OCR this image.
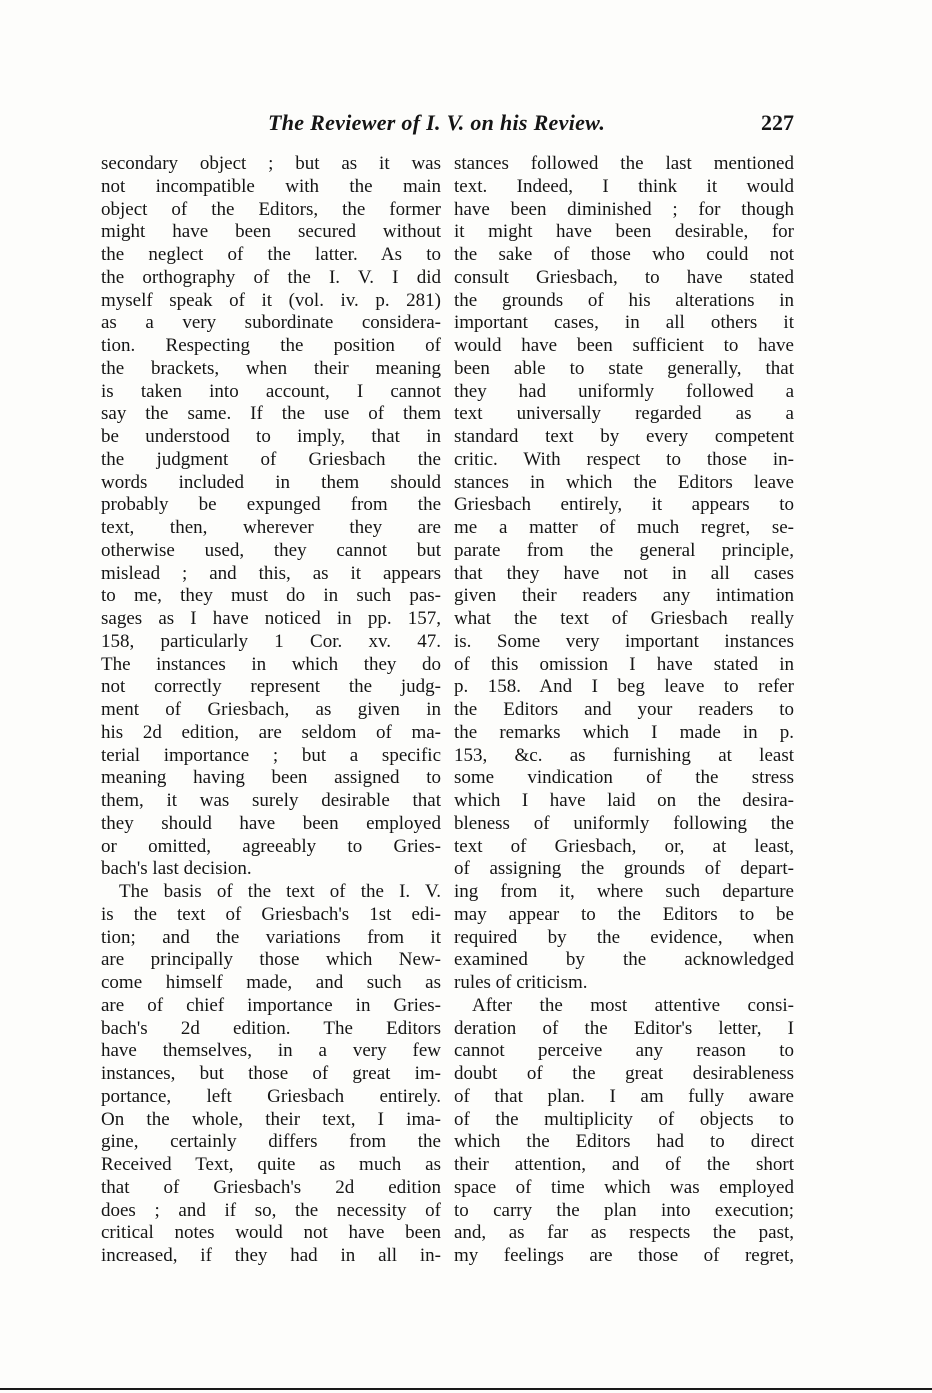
The Reviewer of I. V. on his Review.	227
secondary object ; but as it was
not incompatible with the main
object of the Editors, the former
might have been secured without
the neglect of the latter. As to
the orthography of the I. V. I did
myself speak of it (vol. iv. p. 281)
as a very subordinate considera-
tion. Respecting the position of
the brackets, when their meaning
is taken into account, I cannot
say the same. If the use of them
be understood to imply, that in
the judgment of Griesbach the
words included in them should
probably be expunged from the
text, then, wherever they are
otherwise used, they cannot but
mislead ; and this, as it appears
to me, they must do in such pas-
sages as I have noticed in pp. 157,
158, particularly 1 Cor. xv. 47.
The instances in which they do
not correctly represent the judg-
ment of Griesbach, as given in
his 2d edition, are seldom of ma-
terial importance ; but a specific
meaning having been assigned to
them, it was surely desirable that
they should have been employed
or omitted, agreeably to Gries-
bach's last decision.
The basis of the text of the I. V.
is the text of Griesbach's 1st edi-
tion; and the variations from it
are principally those which New-
come himself made, and such as
are of chief importance in Gries-
bach's 2d edition. The Editors
have themselves, in a very few
instances, but those of great im-
portance, left Griesbach entirely.
On the whole, their text, I ima-
gine, certainly differs from the
Received Text, quite as much as
that of Griesbach's 2d edition
does ; and if so, the necessity of
critical notes would not have been
increased, if they had in all in-
stances followed the last mentioned
text. Indeed, I think it would
have been diminished ; for though
it might have been desirable, for
the sake of those who could not
consult Griesbach, to have stated
the grounds of his alterations in
important cases, in all others it
would have been sufficient to have
been able to state generally, that
they had uniformly followed a
text universally regarded as a
standard text by every competent
critic. With respect to those in-
stances in which the Editors leave
Griesbach entirely, it appears to
me a matter of much regret, se-
parate from the general principle,
that they have not in all cases
given their readers any intimation
what the text of Griesbach really
is. Some very important instances
of this omission I have stated in
p. 158. And I beg leave to refer
the Editors and your readers to
the remarks which I made in p.
153, &c. as furnishing at least
some vindication of the stress
which I have laid on the desira-
bleness of uniformly following the
text of Griesbach, or, at least,
of assigning the grounds of depart-
ing from it, where such departure
may appear to the Editors to be
required by the evidence, when
examined by the acknowledged
rules of criticism.
After the most attentive consi-
deration of the Editor's letter, I
cannot perceive any reason to
doubt of the great desirableness
of that plan. I am fully aware
of the multiplicity of objects to
which the Editors had to direct
their attention, and of the short
space of time which was employed
to carry the plan into execution;
and, as far as respects the past,
my feelings are those of regret,
